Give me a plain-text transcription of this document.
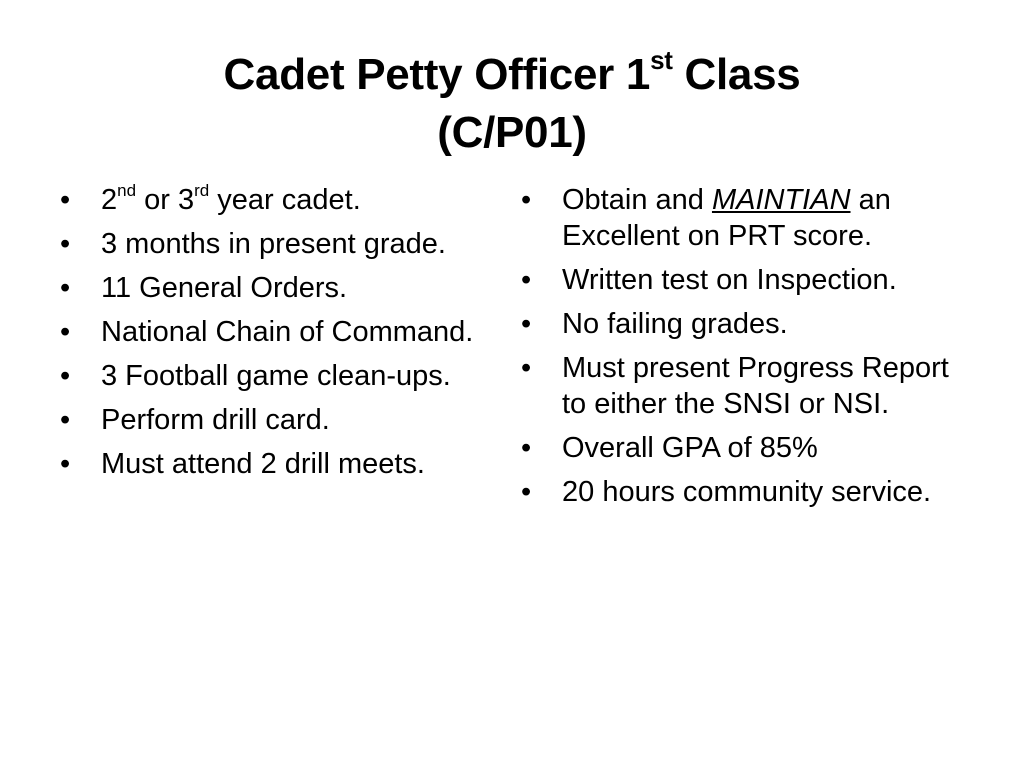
Cadet Petty Officer 1st Class
(C/P01)
•	2nd or 3rd year cadet.
•	3 months in present grade.
•	11 General Orders.
•	National Chain of Command.
•	3 Football game clean-ups.
•	Perform drill card.
•	Must attend 2 drill meets.
•	Obtain and MAINTIAN an Excellent on PRT score.
•	Written test on Inspection.
•	No failing grades.
•	Must present Progress Report to either the SNSI or NSI.
•	Overall GPA of 85%
•	20 hours community service.
